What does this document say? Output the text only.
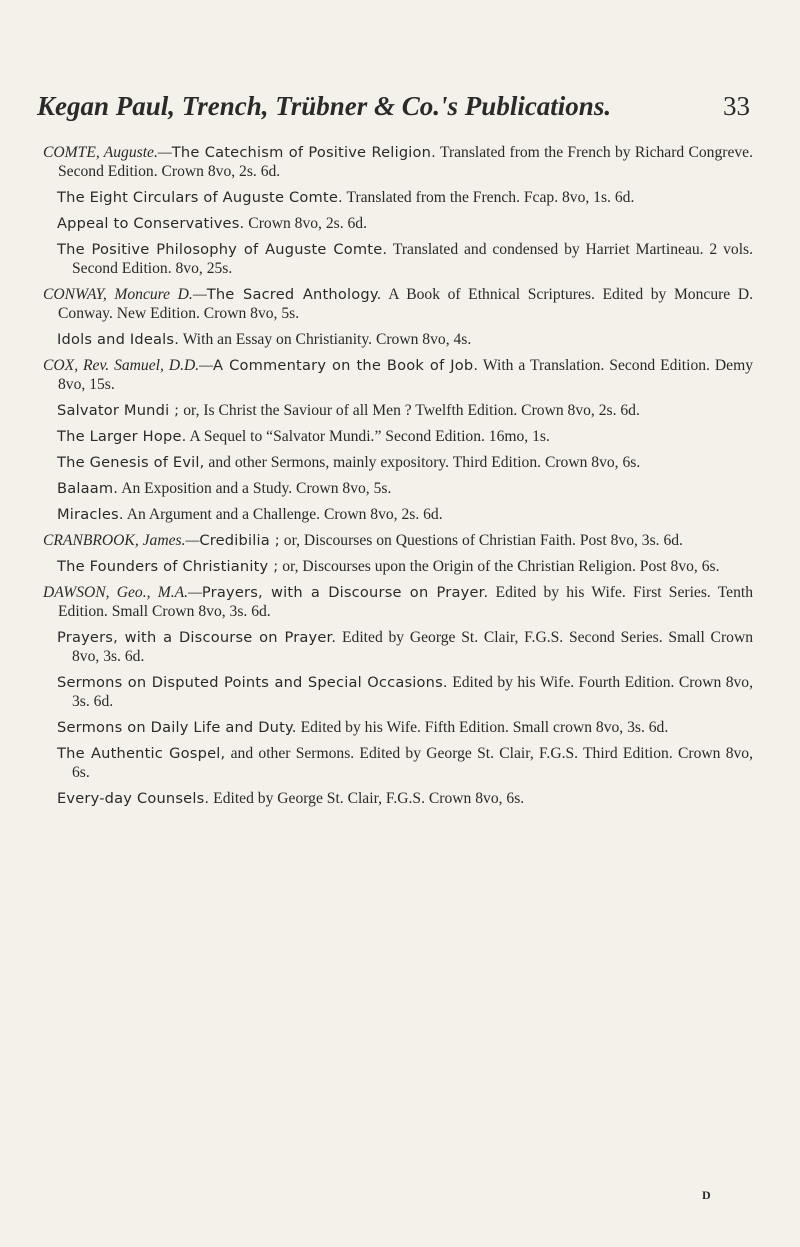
Kegan Paul, Trench, Trübner & Co.'s Publications.	33

COMTE, Auguste.—The Catechism of Positive Religion. Translated from the French by Richard Congreve. Second Edition. Crown 8vo, 2s. 6d.

The Eight Circulars of Auguste Comte. Translated from the French. Fcap. 8vo, 1s. 6d.

Appeal to Conservatives. Crown 8vo, 2s. 6d.

The Positive Philosophy of Auguste Comte. Translated and condensed by Harriet Martineau. 2 vols. Second Edition. 8vo, 25s.

CONWAY, Moncure D.—The Sacred Anthology. A Book of Ethnical Scriptures. Edited by Moncure D. Conway. New Edition. Crown 8vo, 5s.

Idols and Ideals. With an Essay on Christianity. Crown 8vo, 4s.

COX, Rev. Samuel, D.D.—A Commentary on the Book of Job. With a Translation. Second Edition. Demy 8vo, 15s.

Salvator Mundi ; or, Is Christ the Saviour of all Men ? Twelfth Edition. Crown 8vo, 2s. 6d.

The Larger Hope. A Sequel to “Salvator Mundi.” Second Edition. 16mo, 1s.

The Genesis of Evil, and other Sermons, mainly expository. Third Edition. Crown 8vo, 6s.

Balaam. An Exposition and a Study. Crown 8vo, 5s.

Miracles. An Argument and a Challenge. Crown 8vo, 2s. 6d.

CRANBROOK, James.—Credibilia ; or, Discourses on Questions of Christian Faith. Post 8vo, 3s. 6d.

The Founders of Christianity ; or, Discourses upon the Origin of the Christian Religion. Post 8vo, 6s.

DAWSON, Geo., M.A.—Prayers, with a Discourse on Prayer. Edited by his Wife. First Series. Tenth Edition. Small Crown 8vo, 3s. 6d.

Prayers, with a Discourse on Prayer. Edited by George St. Clair, F.G.S. Second Series. Small Crown 8vo, 3s. 6d.

Sermons on Disputed Points and Special Occasions. Edited by his Wife. Fourth Edition. Crown 8vo, 3s. 6d.

Sermons on Daily Life and Duty. Edited by his Wife. Fifth Edition. Small crown 8vo, 3s. 6d.

The Authentic Gospel, and other Sermons. Edited by George St. Clair, F.G.S. Third Edition. Crown 8vo, 6s.

Every-day Counsels. Edited by George St. Clair, F.G.S. Crown 8vo, 6s.

D
